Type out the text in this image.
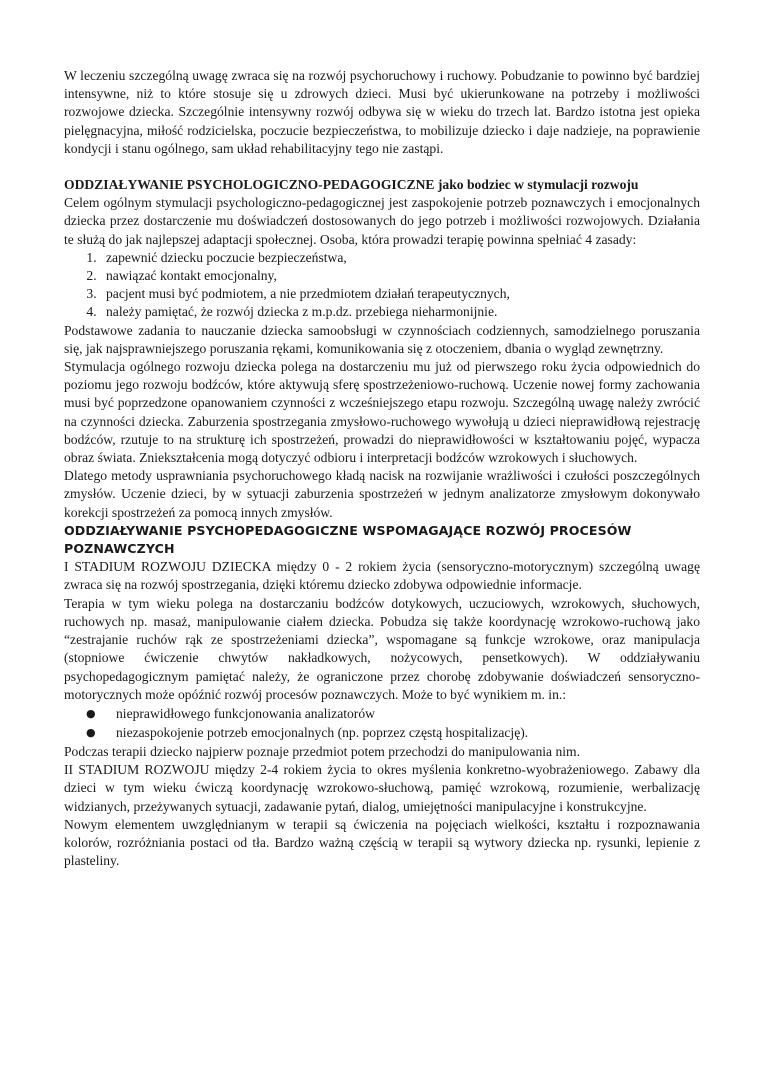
W leczeniu szczególną uwagę zwraca się na rozwój psychoruchowy i ruchowy. Pobudzanie to powinno być bardziej intensywne, niż to które stosuje się u zdrowych dzieci. Musi być ukierunkowane na potrzeby i możliwości rozwojowe dziecka. Szczególnie intensywny rozwój odbywa się w wieku do trzech lat. Bardzo istotna jest opieka pielęgnacyjna, miłość rodzicielska, poczucie bezpieczeństwa, to mobilizuje dziecko i daje nadzieje, na poprawienie kondycji i stanu ogólnego, sam układ rehabilitacyjny tego nie zastąpi.

ODDZIAŁYWANIE PSYCHOLOGICZNO-PEDAGOGICZNE jako bodziec w stymulacji rozwoju

Celem ogólnym stymulacji psychologiczno-pedagogicznej jest zaspokojenie potrzeb poznawczych i emocjonalnych dziecka przez dostarczenie mu doświadczeń dostosowanych do jego potrzeb i możliwości rozwojowych. Działania te służą do jak najlepszej adaptacji społecznej. Osoba, która prowadzi terapię powinna spełniać 4 zasady:

1. zapewnić dziecku poczucie bezpieczeństwa,
2. nawiązać kontakt emocjonalny,
3. pacjent musi być podmiotem, a nie przedmiotem działań terapeutycznych,
4. należy pamiętać, że rozwój dziecka z m.p.dz. przebiega nieharmonijnie.

Podstawowe zadania to nauczanie dziecka samoobsługi w czynnościach codziennych, samodzielnego poruszania się, jak najsprawniejszego poruszania rękami, komunikowania się z otoczeniem, dbania o wygląd zewnętrzny.

Stymulacja ogólnego rozwoju dziecka polega na dostarczeniu mu już od pierwszego roku życia odpowiednich do poziomu jego rozwoju bodźców, które aktywują sferę spostrzeżeniowo-ruchową. Uczenie nowej formy zachowania musi być poprzedzone opanowaniem czynności z wcześniejszego etapu rozwoju. Szczególną uwagę należy zwrócić na czynności dziecka. Zaburzenia spostrzegania zmysłowo-ruchowego wywołują u dzieci nieprawidłową rejestrację bodźców, rzutuje to na strukturę ich spostrzeżeń, prowadzi do nieprawidłowości w kształtowaniu pojęć, wypacza obraz świata. Zniekształcenia mogą dotyczyć odbioru i interpretacji bodźców wzrokowych i słuchowych.

Dlatego metody usprawniania psychoruchowego kładą nacisk na rozwijanie wrażliwości i czułości poszczególnych zmysłów. Uczenie dzieci, by w sytuacji zaburzenia spostrzeżeń w jednym analizatorze zmysłowym dokonywało korekcji spostrzeżeń za pomocą innych zmysłów.

ODDZIAŁYWANIE PSYCHOPEDAGOGICZNE WSPOMAGAJĄCE ROZWÓJ PROCESÓW POZNAWCZYCH

I STADIUM ROZWOJU DZIECKA między 0 - 2 rokiem życia (sensoryczno-motorycznym) szczególną uwagę zwraca się na rozwój spostrzegania, dzięki któremu dziecko zdobywa odpowiednie informacje.

Terapia w tym wieku polega na dostarczaniu bodźców dotykowych, uczuciowych, wzrokowych, słuchowych, ruchowych np. masaż, manipulowanie ciałem dziecka. Pobudza się także koordynację wzrokowo-ruchową jako “zestrajanie ruchów rąk ze spostrzeżeniami dziecka”, wspomagane są funkcje wzrokowe, oraz manipulacja (stopniowe ćwiczenie chwytów nakładkowych, nożycowych, pensetkowych). W oddziaływaniu psychopedagogicznym pamiętać należy, że ograniczone przez chorobę zdobywanie doświadczeń sensoryczno-motorycznych może opóźnić rozwój procesów poznawczych. Może to być wynikiem m. in.:

● nieprawidłowego funkcjonowania analizatorów
● niezaspokojenie potrzeb emocjonalnych (np. poprzez częstą hospitalizację).

Podczas terapii dziecko najpierw poznaje przedmiot potem przechodzi do manipulowania nim.

II STADIUM ROZWOJU między 2-4 rokiem życia to okres myślenia konkretno-wyobrażeniowego. Zabawy dla dzieci w tym wieku ćwiczą koordynację wzrokowo-słuchową, pamięć wzrokową, rozumienie, werbalizację widzianych, przeżywanych sytuacji, zadawanie pytań, dialog, umiejętności manipulacyjne i konstrukcyjne.

Nowym elementem uwzględnianym w terapii są ćwiczenia na pojęciach wielkości, kształtu i rozpoznawania kolorów, rozróżniania postaci od tła. Bardzo ważną częścią w terapii są wytwory dziecka np. rysunki, lepienie z plasteliny.
